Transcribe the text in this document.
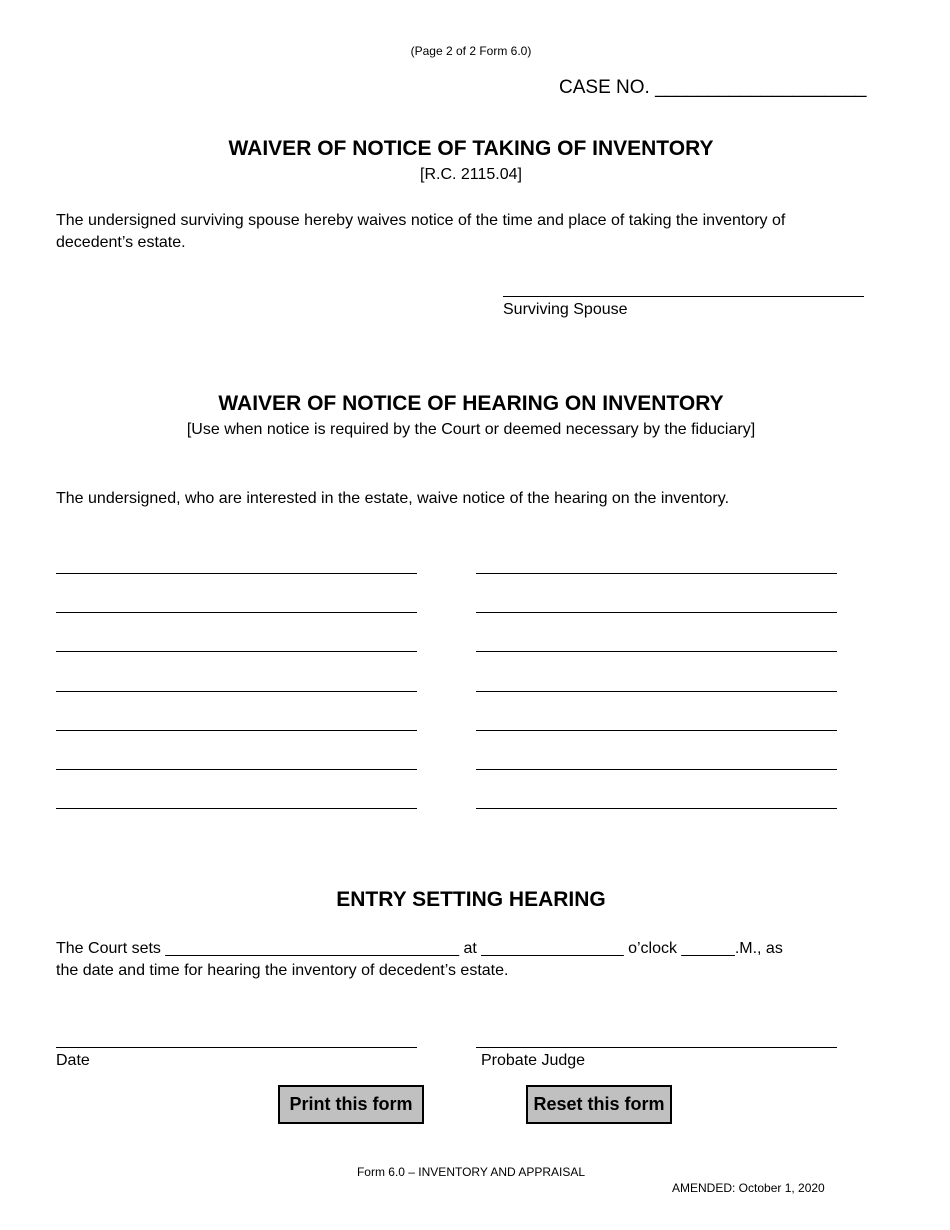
(Page 2 of 2 Form 6.0)
CASE NO. ____________________
WAIVER OF NOTICE OF TAKING OF INVENTORY
[R.C. 2115.04]
The undersigned surviving spouse hereby waives notice of the time and place of taking the inventory of decedent’s estate.
Surviving Spouse
WAIVER OF NOTICE OF HEARING ON INVENTORY
[Use when notice is required by the Court or deemed necessary by the fiduciary]
The undersigned, who are interested in the estate, waive notice of the hearing on the inventory.
ENTRY SETTING HEARING
The Court sets _________________________________ at ________________ o’clock ______.M., as
the date and time for hearing the inventory of decedent’s estate.
Date	Probate Judge
Print this form	Reset this form
Form 6.0 – INVENTORY AND APPRAISAL
AMENDED: October 1, 2020
